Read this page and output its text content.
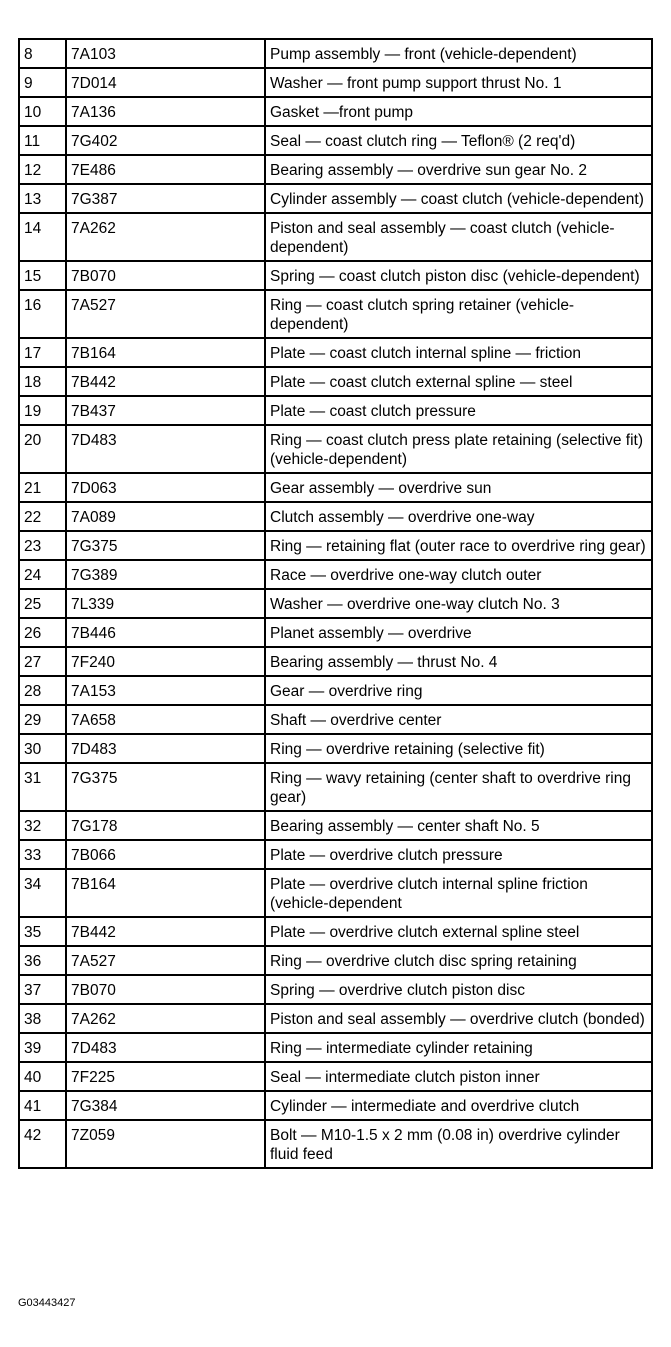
8	7A103	Pump assembly — front (vehicle-dependent)
9	7D014	Washer — front pump support thrust No. 1
10	7A136	Gasket —front pump
11	7G402	Seal — coast clutch ring — Teflon® (2 req'd)
12	7E486	Bearing assembly — overdrive sun gear No. 2
13	7G387	Cylinder assembly — coast clutch (vehicle-dependent)
14	7A262	Piston and seal assembly — coast clutch (vehicle-dependent)
15	7B070	Spring — coast clutch piston disc (vehicle-dependent)
16	7A527	Ring — coast clutch spring retainer (vehicle-dependent)
17	7B164	Plate — coast clutch internal spline — friction
18	7B442	Plate — coast clutch external spline — steel
19	7B437	Plate — coast clutch pressure
20	7D483	Ring — coast clutch press plate retaining (selective fit) (vehicle-dependent)
21	7D063	Gear assembly — overdrive sun
22	7A089	Clutch assembly — overdrive one-way
23	7G375	Ring — retaining flat (outer race to overdrive ring gear)
24	7G389	Race — overdrive one-way clutch outer
25	7L339	Washer — overdrive one-way clutch No. 3
26	7B446	Planet assembly — overdrive
27	7F240	Bearing assembly — thrust No. 4
28	7A153	Gear — overdrive ring
29	7A658	Shaft — overdrive center
30	7D483	Ring — overdrive retaining (selective fit)
31	7G375	Ring — wavy retaining (center shaft to overdrive ring gear)
32	7G178	Bearing assembly — center shaft No. 5
33	7B066	Plate — overdrive clutch pressure
34	7B164	Plate — overdrive clutch internal spline friction (vehicle-dependent
35	7B442	Plate — overdrive clutch external spline steel
36	7A527	Ring — overdrive clutch disc spring retaining
37	7B070	Spring — overdrive clutch piston disc
38	7A262	Piston and seal assembly — overdrive clutch (bonded)
39	7D483	Ring — intermediate cylinder retaining
40	7F225	Seal — intermediate clutch piston inner
41	7G384	Cylinder — intermediate and overdrive clutch
42	7Z059	Bolt — M10-1.5 x 2 mm (0.08 in) overdrive cylinder fluid feed
G03443427
